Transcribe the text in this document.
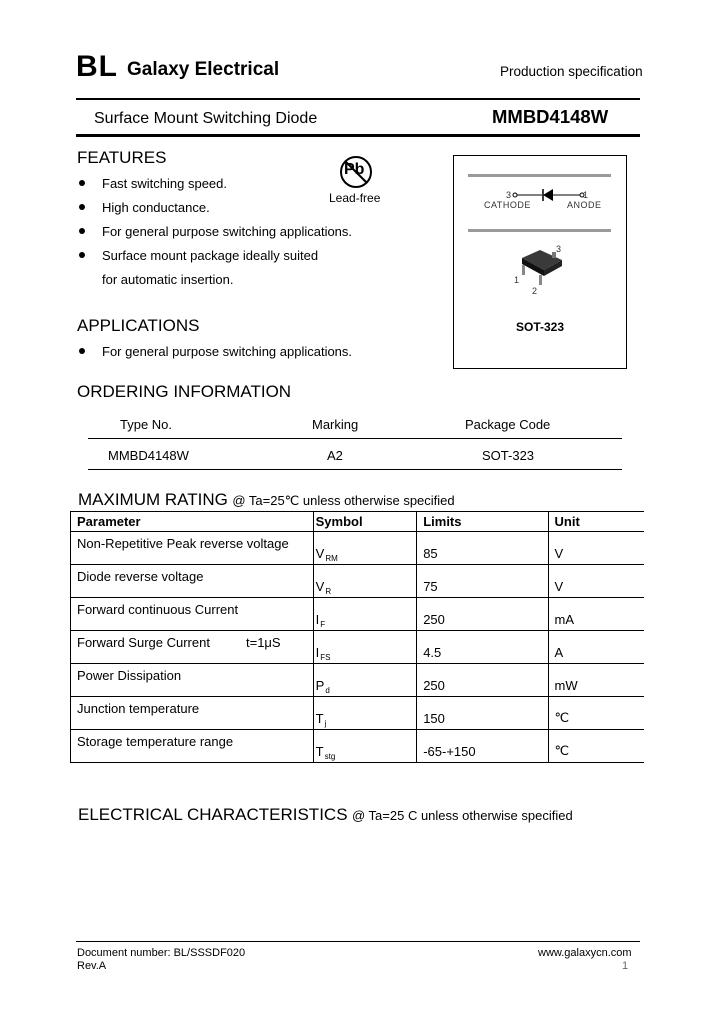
BL Galaxy Electrical	Production specification
Surface Mount Switching Diode	MMBD4148W
FEATURES
Fast switching speed.
High conductance.
For general purpose switching applications.
Surface mount package ideally suited
for automatic insertion.
Pb
Lead-free	3	1
CATHODE	ANODE
3
1
2
SOT-323
APPLICATIONS
For general purpose switching applications.
ORDERING INFORMATION
Type No.	Marking	Package Code
MMBD4148W	A2	SOT-323
MAXIMUM RATING @ Ta=25℃ unless otherwise specified
Parameter	Symbol	Limits	Unit
Non-Repetitive Peak reverse voltage	$V_{RM}$	85	V
Diode reverse voltage	$V_R$	75	V
Forward continuous Current	$I_F$	250	mA
Forward Surge Current t=1μS	$I_{FS}$	4.5	A
Power Dissipation	$P_d$	250	mW
Junction temperature	$T_j$	150	℃
Storage temperature range	$T_{stg}$	-65-+150	℃
ELECTRICAL CHARACTERISTICS @ Ta=25 C unless otherwise specified
Document number: BL/SSSDF020
Rev.A
www.galaxycn.com
1
